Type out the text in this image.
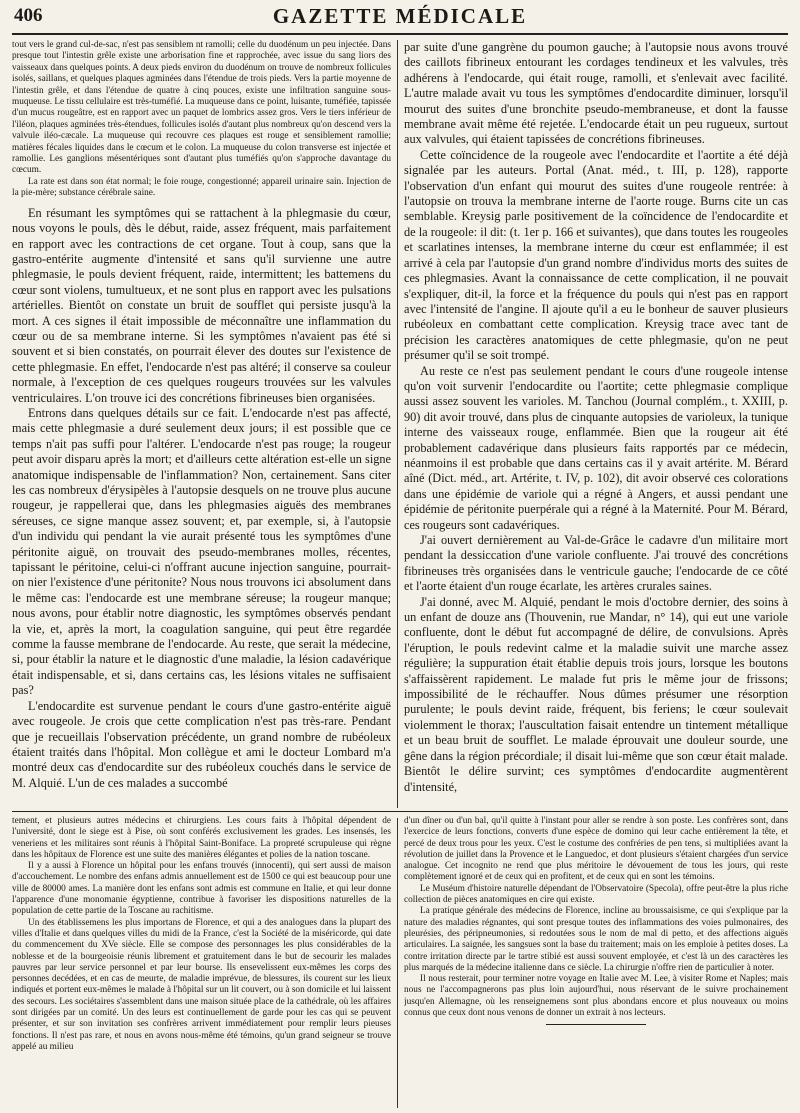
406	GAZETTE MÉDICALE

tout vers le grand cul-de-sac, n'est pas sensiblem nt ramolli; celle du duodénum un peu injectée. Dans presque tout l'intestin grêle existe une arborisation fine et rapprochée, avec issue du sang liors des vaisseaux dans quelques points. A deux pieds environ du duodénum on trouve de nombreux follicules isolés, saillans, et quelques plaques agminées dans l'étendue de trois pieds. Vers la partie moyenne de l'intestin grêle, et dans l'étendue de quatre à cinq pouces, existe une infiltration sanguine sous-muqueuse. Le tissu cellulaire est très-tuméfié. La muqueuse dans ce point, luisante, tuméfiée, tapissée d'un mucus rougeâtre, est en rapport avec un paquet de lombrics assez gros. Vers le tiers inférieur de l'iléon, plaques agminées très-étendues, follicules isolés d'autant plus nombreux qu'on descend vers la valvule iléo-cæcale. La muqueuse qui recouvre ces plaques est rouge et sensiblement ramollie; matières fécales liquides dans le cœcum et le colon. La muqueuse du colon transverse est injectée et ramollie. Les ganglions mésentériques sont d'autant plus tuméfiés qu'on s'approche davantage du cœcum.

La rate est dans son état normal; le foie rouge, congestionné; appareil urinaire sain. Injection de la pie-mère; substance cérébrale saine.

En résumant les symptômes qui se rattachent à la phlegmasie du cœur, nous voyons le pouls, dès le début, raide, assez fréquent, mais parfaitement en rapport avec les contractions de cet organe. Tout à coup, sans que la gastro-entérite augmente d'intensité et sans qu'il survienne une autre phlegmasie, le pouls devient fréquent, raide, intermittent; les battemens du cœur sont violens, tumultueux, et ne sont plus en rapport avec les pulsations artérielles. Bientôt on constate un bruit de soufflet qui persiste jusqu'à la mort. A ces signes il était impossible de méconnaître une inflammation du cœur ou de sa membrane interne. Si les symptômes n'avaient pas été si souvent et si bien constatés, on pourrait élever des doutes sur l'existence de cette phlegmasie. En effet, l'endocarde n'est pas altéré; il conserve sa couleur normale, à l'exception de ces quelques rougeurs trouvées sur les valvules ventriculaires. L'on trouve ici des concrétions fibrineuses bien organisées.

Entrons dans quelques détails sur ce fait. L'endocarde n'est pas affecté, mais cette phlegmasie a duré seulement deux jours; il est possible que ce temps n'ait pas suffi pour l'altérer. L'endocarde n'est pas rouge; la rougeur peut avoir disparu après la mort; et d'ailleurs cette altération est-elle un signe anatomique indispensable de l'inflammation? Non, certainement. Sans citer les cas nombreux d'érysipèles à l'autopsie desquels on ne trouve plus aucune rougeur, je rappellerai que, dans les phlegmasies aiguës des membranes séreuses, ce signe manque assez souvent; et, par exemple, si, à l'autopsie d'un individu qui pendant la vie aurait présenté tous les symptômes d'une péritonite aiguë, on trouvait des pseudo-membranes molles, récentes, tapissant le péritoine, celui-ci n'offrant aucune injection sanguine, pourrait-on nier l'existence d'une péritonite? Nous nous trouvons ici absolument dans le même cas: l'endocarde est une membrane séreuse; la rougeur manque; nous avons, pour établir notre diagnostic, les symptômes observés pendant la vie, et, après la mort, la coagulation sanguine, qui peut être regardée comme la fausse membrane de l'endocarde. Au reste, que serait la médecine, si, pour établir la nature et le diagnostic d'une maladie, la lésion cadavérique était indispensable, et si, dans certains cas, les lésions vitales ne suffisaient pas?

L'endocardite est survenue pendant le cours d'une gastro-entérite aiguë avec rougeole. Je crois que cette complication n'est pas très-rare. Pendant que je recueillais l'observation précédente, un grand nombre de rubéoleux étaient traités dans l'hôpital. Mon collègue et ami le docteur Lombard m'a montré deux cas d'endocardite sur des rubéoleux couchés dans le service de M. Alquié. L'un de ces malades a succombé

par suite d'une gangrène du poumon gauche; à l'autopsie nous avons trouvé des caillots fibrineux entourant les cordages tendineux et les valvules, très adhérens à l'endocarde, qui était rouge, ramolli, et s'enlevait avec facilité. L'autre malade avait vu tous les symptômes d'endocardite diminuer, lorsqu'il mourut des suites d'une bronchite pseudo-membraneuse, et dont la fausse membrane avait même été rejetée. L'endocarde était un peu rugueux, surtout aux valvules, qui étaient tapissées de concrétions fibrineuses.

Cette coïncidence de la rougeole avec l'endocardite et l'aortite a été déjà signalée par les auteurs. Portal (Anat. méd., t. III, p. 128), rapporte l'observation d'un enfant qui mourut des suites d'une rougeole rentrée: à l'autopsie on trouva la membrane interne de l'aorte rouge. Burns cite un cas semblable. Kreysig parle positivement de la coïncidence de l'endocardite et de la rougeole: il dit: (t. 1er p. 166 et suivantes), que dans toutes les rougeoles et scarlatines intenses, la membrane interne du cœur est enflammée; il est arrivé à cela par l'autopsie d'un grand nombre d'individus morts des suites de ces phlegmasies. Avant la connaissance de cette complication, il ne pouvait s'expliquer, dit-il, la force et la fréquence du pouls qui n'est pas en rapport avec l'intensité de l'angine. Il ajoute qu'il a eu le bonheur de sauver plusieurs rubéoleux en combattant cette complication. Kreysig trace avec tant de précision les caractères anatomiques de cette phlegmasie, qu'on ne peut présumer qu'il se soit trompé.

Au reste ce n'est pas seulement pendant le cours d'une rougeole intense qu'on voit survenir l'endocardite ou l'aortite; cette phlegmasie complique aussi assez souvent les varioles. M. Tanchou (Journal complém., t. XXIII, p. 90) dit avoir trouvé, dans plus de cinquante autopsies de varioleux, la tunique interne des vaisseaux rouge, enflammée. Bien que la rougeur ait été probablement cadavérique dans plusieurs faits rapportés par ce médecin, néanmoins il est probable que dans certains cas il y avait artérite. M. Bérard aîné (Dict. méd., art. Artérite, t. IV, p. 102), dit avoir observé ces colorations dans une épidémie de variole qui a régné à Angers, et aussi pendant une épidémie de péritonite puerpérale qui a régné à la Maternité. Pour M. Bérard, ces rougeurs sont cadavériques.

J'ai ouvert dernièrement au Val-de-Grâce le cadavre d'un militaire mort pendant la dessiccation d'une variole confluente. J'ai trouvé des concrétions fibrineuses très organisées dans le ventricule gauche; l'endocarde de ce côté et l'aorte étaient d'un rouge écarlate, les artères crurales saines.

J'ai donné, avec M. Alquié, pendant le mois d'octobre dernier, des soins à un enfant de douze ans (Thouvenin, rue Mandar, n° 14), qui eut une variole confluente, dont le début fut accompagné de délire, de convulsions. Après l'éruption, le pouls redevint calme et la maladie suivit une marche assez régulière; la suppuration était établie depuis trois jours, lorsque les boutons s'affaissèrent rapidement. Le malade fut pris le même jour de frissons; impossibilité de le réchauffer. Nous dûmes présumer une résorption purulente; le pouls devint raide, fréquent, bis feriens; le cœur soulevait violemment le thorax; l'auscultation faisait entendre un tintement métallique et un beau bruit de soufflet. Le malade éprouvait une douleur sourde, une gêne dans la région précordiale; il disait lui-même que son cœur était malade. Bientôt le délire survint; ces symptômes d'endocardite augmentèrent d'intensité,

tement, et plusieurs autres médecins et chirurgiens. Les cours faits à l'hôpital dépendent de l'université, dont le siege est à Pise, où sont conférés exclusivement les grades. Les insensés, les veneriens et les militaires sont réunis à l'hôpital Saint-Boniface. La propreté scrupuleuse qui règne dans les hôpitaux de Florence est une suite des manières élégantes et polies de la nation toscane.

Il y a aussi à Florence un hôpital pour les enfans trouvés (innocenti), qui sert aussi de maison d'accouchement. Le nombre des enfans admis annuellement est de 1500 ce qui est beaucoup pour une ville de 80000 ames. La manière dont les enfans sont admis est commune en Italie, et qui leur donne l'apparence d'une monomanie égyptienne, contribue à favoriser les dispositions naturelles de la population de cette partie de la Toscane au rachitisme.

Un des établissemens les plus importans de Florence, et qui a des analogues dans la plupart des villes d'Italie et dans quelques villes du midi de la France, c'est la Société de la miséricorde, qui date du commencement du XVe siècle. Elle se compose des personnages les plus considérables de la noblesse et de la bourgeoisie réunis librement et gratuitement dans le but de secourir les malades pauvres par leur service personnel et par leur bourse. Ils ensevelissent eux-mêmes les corps des personnes decédées, et en cas de meurte, de maladie imprévue, de blessures, ils courent sur les lieux indiqués et portent eux-mêmes le malade à l'hôpital sur un lit couvert, ou à son domicile et lui laissent des secours. Les sociétaires s'assemblent dans une maison située place de la cathédrale, où les affaires sont dirigées par un comité. Un des leurs est continuellement de garde pour les cas qui se peuvent présenter, et sur son invitation ses confrères arrivent immédiatement pour remplir leurs pieuses fonctions. Il n'est pas rare, et nous en avons nous-même été témoins, qu'un grand seigneur se trouve appelé au milieu

d'un dîner ou d'un bal, qu'il quitte à l'instant pour aller se rendre à son poste. Les confrères sont, dans l'exercice de leurs fonctions, converts d'une espèce de domino qui leur cache entièrement la tête, et percé de deux trous pour les yeux. C'est le costume des confréries de pen tens, si multipliées avant la révolution de juillet dans la Provence et le Languedoc, et dont plusieurs s'étaient chargées d'un service analogue. Cet incognito ne rend que plus méritoire le dévouement de tous les jours, qui reste complètement ignoré et de ceux qui en profitent, et de ceux qui en sont les témoins.

Le Muséum d'histoire naturelle dépendant de l'Observatoire (Specola), offre peut-être la plus riche collection de pièces anatomiques en cire qui existe.

La pratique générale des médecins de Florence, incline au broussaisisme, ce qui s'explique par la nature des maladies régnantes, qui sont presque toutes des inflammations des voies pulmonaires, des pleurésies, des péripneumonies, si redoutées sous le nom de mal di petto, et des affections aiguës articulaires. La saignée, les sangsues sont la base du traitement; mais on les emploie à petites doses. La contre irritation directe par le tartre stibié est aussi souvent employée, et c'est là un des caractères les plus marqués de la médecine italienne dans ce siècle. La chirurgie n'offre rien de particulier à noter.

Il nous resterait, pour terminer notre voyage en Italie avec M. Lee, à visiter Rome et Naples; mais nous ne l'accompagnerons pas plus loin aujourd'hui, nous réservant de le suivre prochainement jusqu'en Allemagne, où les renseignemens sont plus abondans encore et plus nouveaux ou moins connus que ceux dont nous venons de donner un extrait à nos lecteurs.
